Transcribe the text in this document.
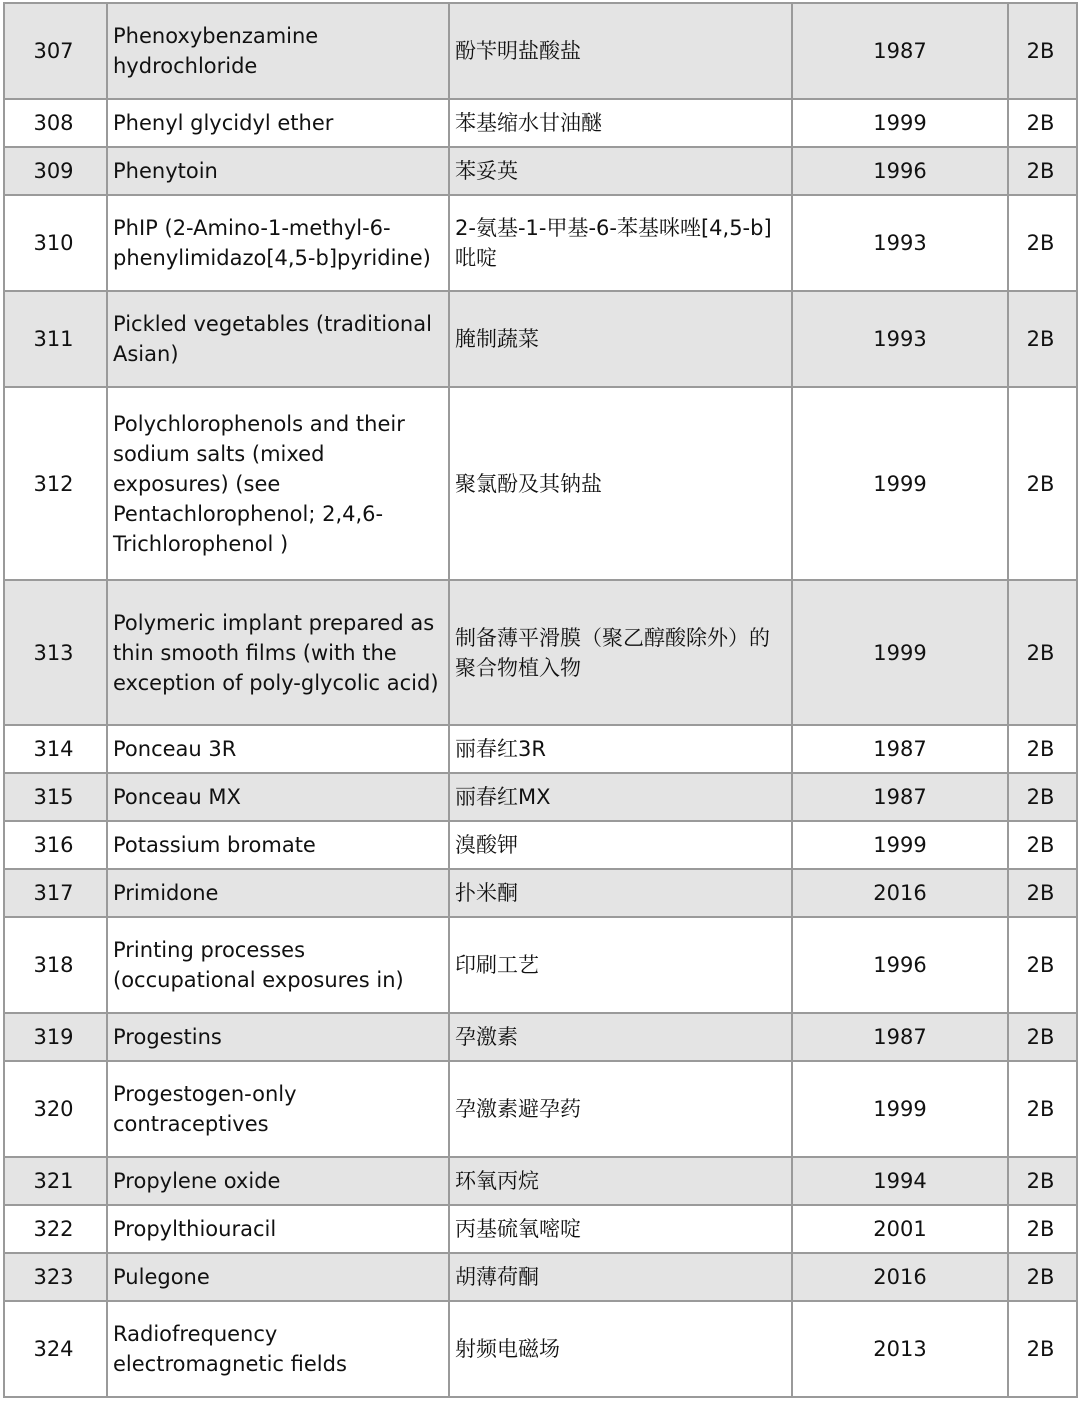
307	Phenoxybenzamine hydrochloride	酚苄明盐酸盐	1987	2B
308	Phenyl glycidyl ether	苯基缩水甘油醚	1999	2B
309	Phenytoin	苯妥英	1996	2B
310	PhIP (2-Amino-1-methyl-6-phenylimidazo[4,5-b]pyridine)	2-氨基-1-甲基-6-苯基咪唑[4,5-b]吡啶	1993	2B
311	Pickled vegetables (traditional Asian)	腌制蔬菜	1993	2B
312	Polychlorophenols and their sodium salts (mixed exposures) (see Pentachlorophenol; 2,4,6-Trichlorophenol )	聚氯酚及其钠盐	1999	2B
313	Polymeric implant prepared as thin smooth films (with the exception of poly-glycolic acid)	制备薄平滑膜（聚乙醇酸除外）的聚合物植入物	1999	2B
314	Ponceau 3R	丽春红3R	1987	2B
315	Ponceau MX	丽春红MX	1987	2B
316	Potassium bromate	溴酸钾	1999	2B
317	Primidone	扑米酮	2016	2B
318	Printing processes (occupational exposures in)	印刷工艺	1996	2B
319	Progestins	孕激素	1987	2B
320	Progestogen-only contraceptives	孕激素避孕药	1999	2B
321	Propylene oxide	环氧丙烷	1994	2B
322	Propylthiouracil	丙基硫氧嘧啶	2001	2B
323	Pulegone	胡薄荷酮	2016	2B
324	Radiofrequency electromagnetic fields	射频电磁场	2013	2B
